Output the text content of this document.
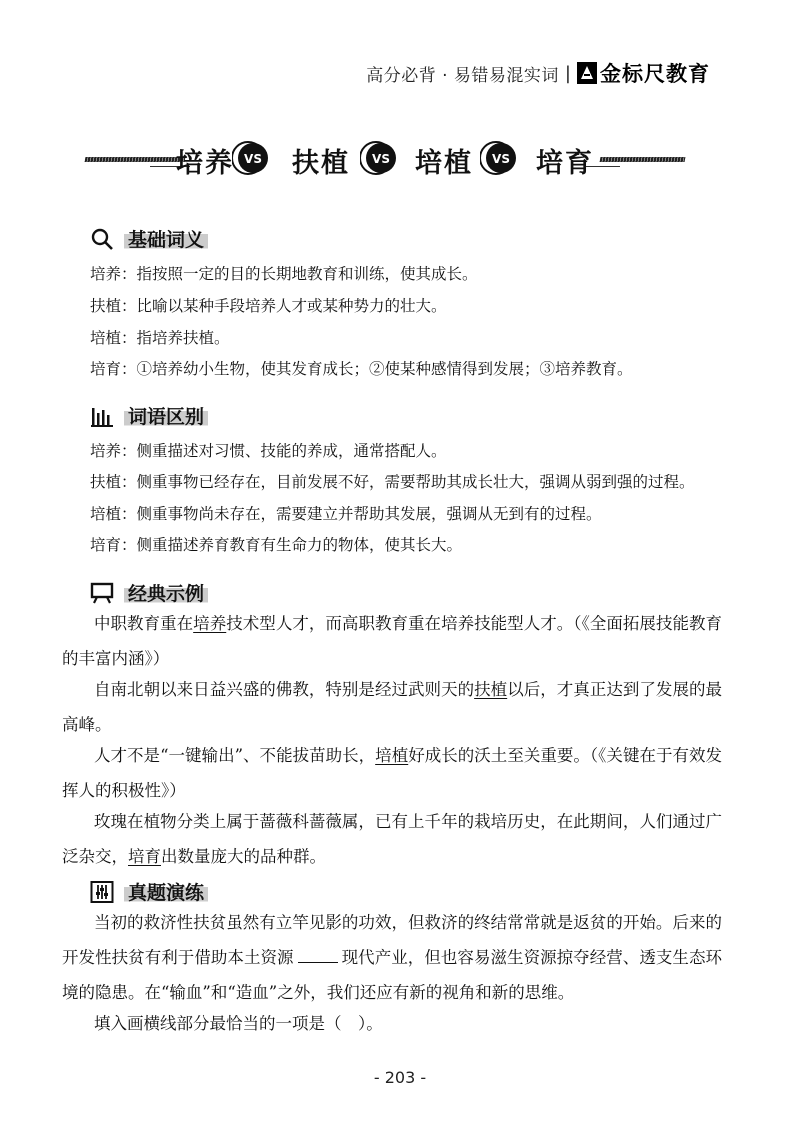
高分必背 · 易错易混实词 | 金标尺教育
培养 VS 扶植 VS 培植 VS 培育
基础词义
培养：指按照一定的目的长期地教育和训练，使其成长。
扶植：比喻以某种手段培养人才或某种势力的壮大。
培植：指培养扶植。
培育：①培养幼小生物，使其发育成长；②使某种感情得到发展；③培养教育。
词语区别
培养：侧重描述对习惯、技能的养成，通常搭配人。
扶植：侧重事物已经存在，目前发展不好，需要帮助其成长壮大，强调从弱到强的过程。
培植：侧重事物尚未存在，需要建立并帮助其发展，强调从无到有的过程。
培育：侧重描述养育教育有生命力的物体，使其长大。
经典示例
中职教育重在培养技术型人才，而高职教育重在培养技能型人才。（《全面拓展技能教育的丰富内涵》）
自南北朝以来日益兴盛的佛教，特别是经过武则天的扶植以后，才真正达到了发展的最高峰。
人才不是“一键输出”、不能拔苗助长，培植好成长的沃土至关重要。（《关键在于有效发挥人的积极性》）
玫瑰在植物分类上属于蔷薇科蔷薇属，已有上千年的栽培历史，在此期间，人们通过广泛杂交，培育出数量庞大的品种群。
真题演练
当初的救济性扶贫虽然有立竿见影的功效，但救济的终结常常就是返贫的开始。后来的开发性扶贫有利于借助本土资源	现代产业，但也容易滋生资源掠夺经营、透支生态环境的隐患。在“输血”和“造血”之外，我们还应有新的视角和新的思维。
填入画横线部分最恰当的一项是（　）。
- 203 -
